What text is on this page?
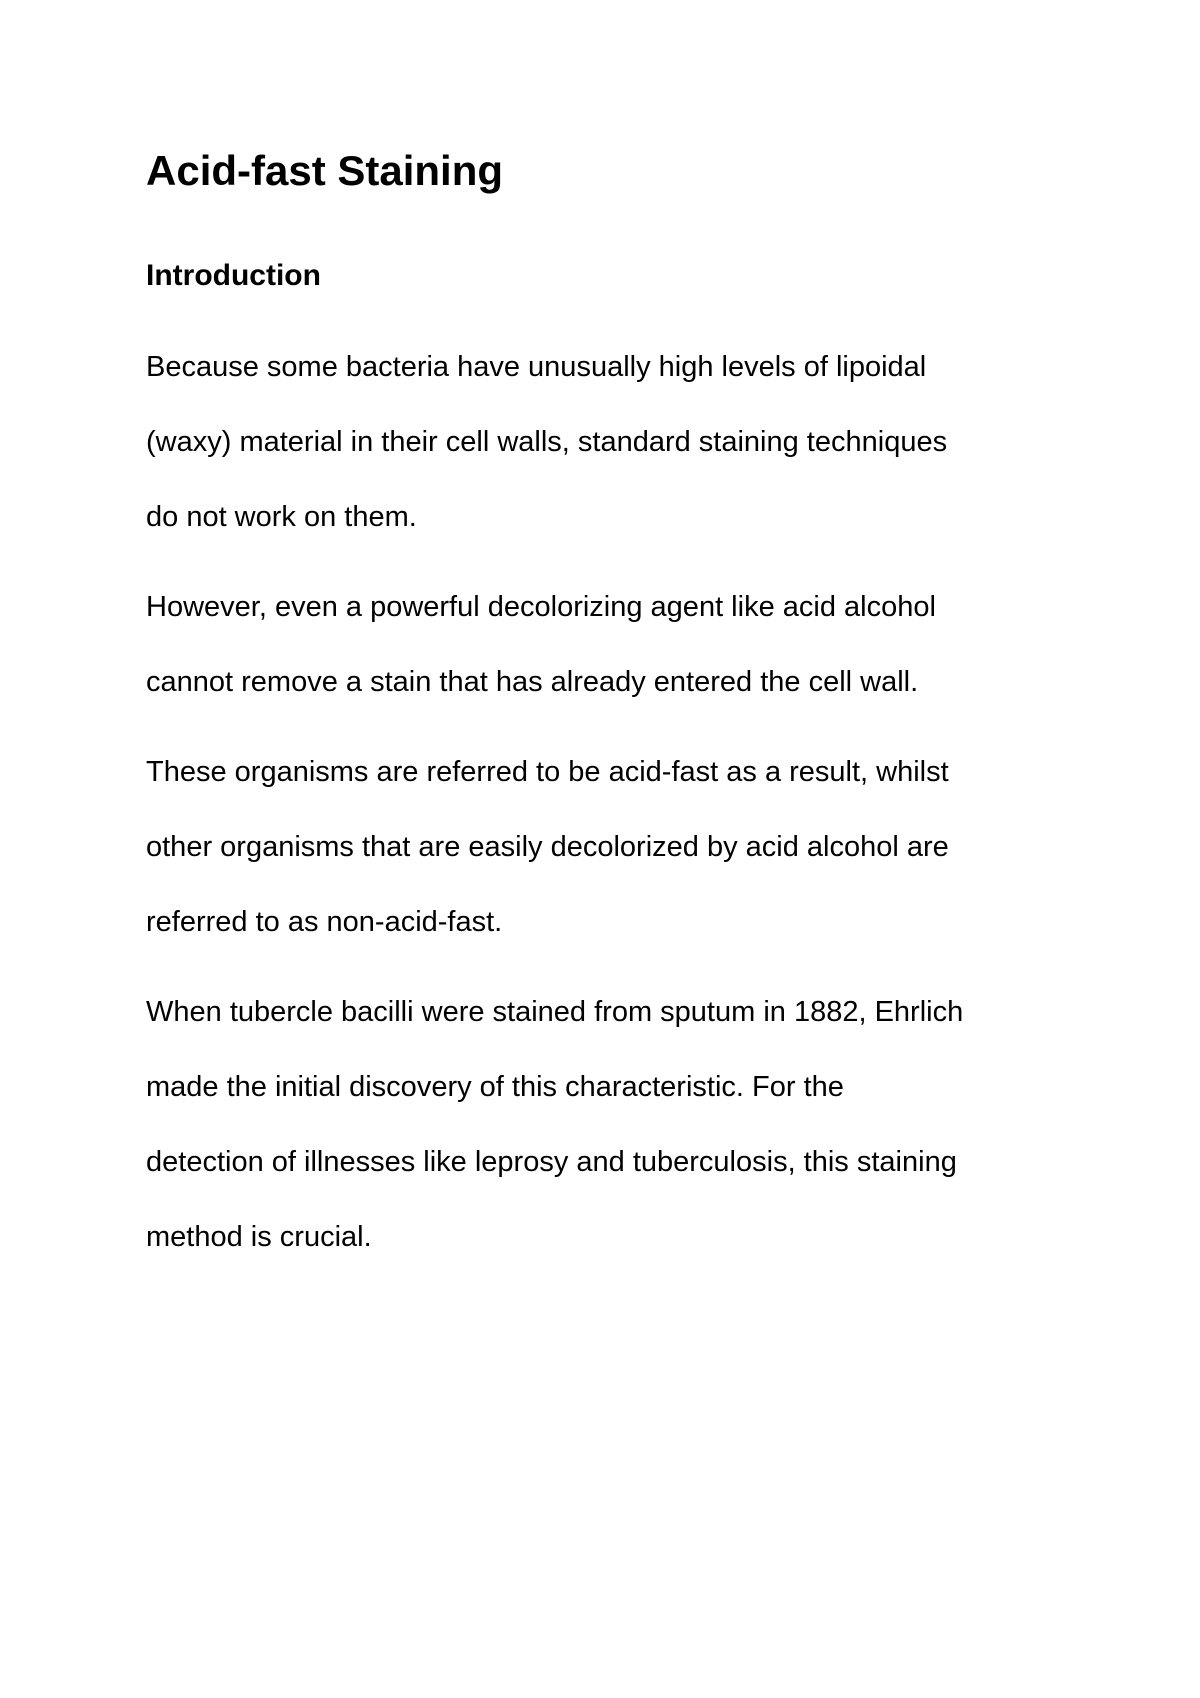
Acid-fast Staining
Introduction

Because some bacteria have unusually high levels of lipoidal
(waxy) material in their cell walls, standard staining techniques
do not work on them.

However, even a powerful decolorizing agent like acid alcohol
cannot remove a stain that has already entered the cell wall.

These organisms are referred to be acid-fast as a result, whilst
other organisms that are easily decolorized by acid alcohol are
referred to as non-acid-fast.

When tubercle bacilli were stained from sputum in 1882, Ehrlich
made the initial discovery of this characteristic. For the
detection of illnesses like leprosy and tuberculosis, this staining
method is crucial.
